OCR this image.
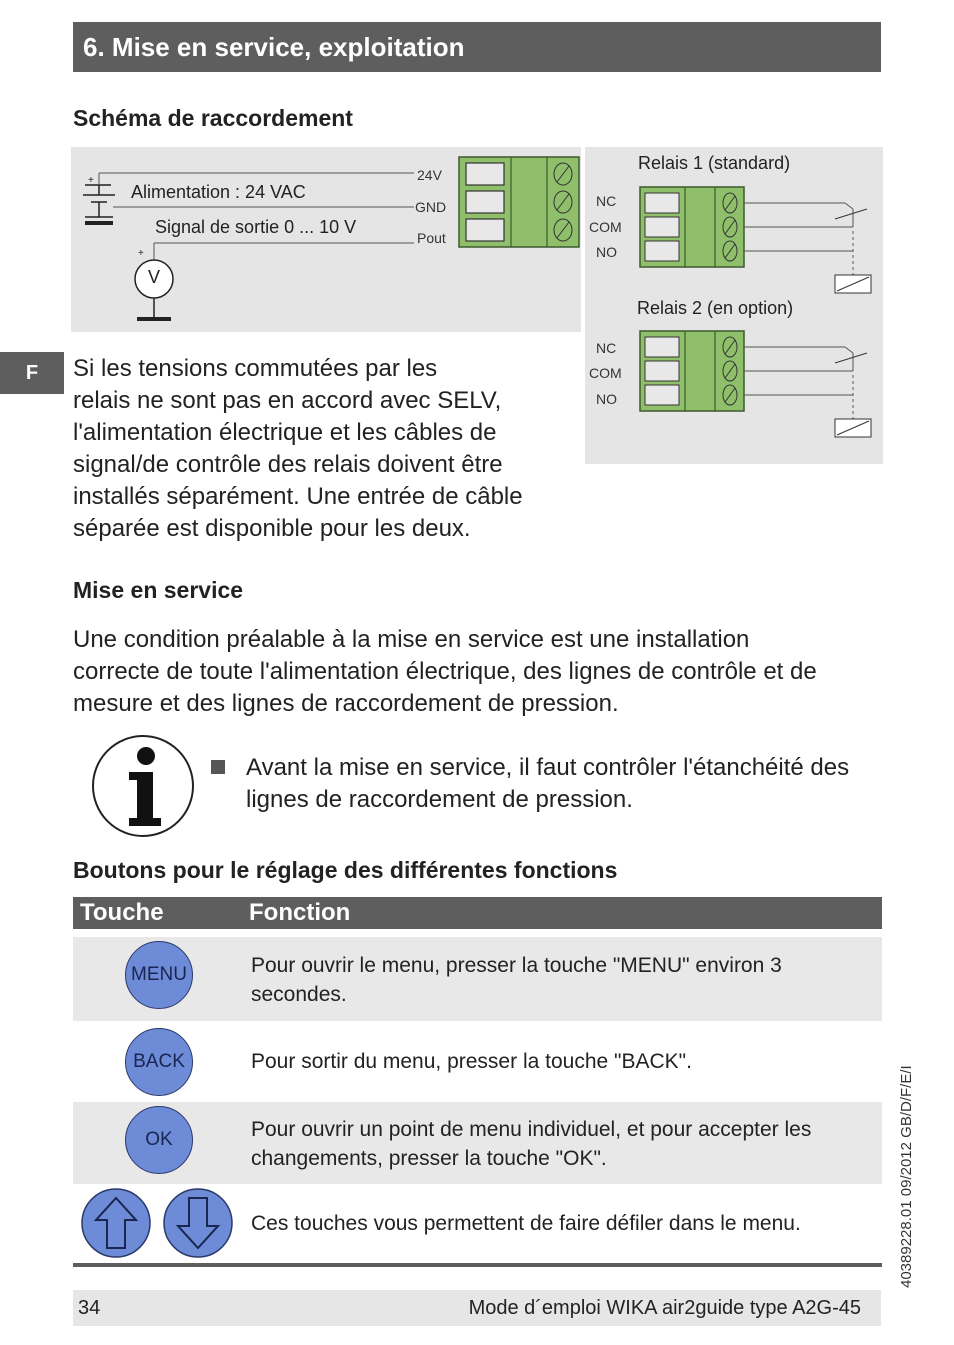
6. Mise en service, exploitation
F
Schéma de raccordement
+
+
Alimentation : 24 VAC
Signal de sortie 0 ... 10 V
V
24V
GND
Pout
Relais 1 (standard)
Relais 2 (en option)
NC
COM
NO
NC
COM
NO
Si les tensions commutées par les
relais ne sont pas en accord avec SELV,
l'alimentation électrique et les câbles de
signal/de contrôle des relais doivent être
installés séparément. Une entrée de câble
séparée est disponible pour les deux.
Mise en service
Une condition préalable à la mise en service est une installation
correcte de toute l'alimentation électrique, des lignes de contrôle et de
mesure et des lignes de raccordement de pression.
Avant la mise en service, il faut contrôler l'étanchéité des
lignes de raccordement de pression.
Boutons pour le réglage des différentes fonctions
Touche	Fonction
MENU	Pour ouvrir le menu, presser la touche "MENU" environ 3
secondes.
BACK	Pour sortir du menu, presser la touche "BACK".
OK	Pour ouvrir un point de menu individuel, et pour accepter les
changements, presser la touche "OK".
Ces touches vous permettent de faire défiler dans le menu.
34	Mode d´emploi WIKA air2guide type A2G-45
40389228.01 09/2012 GB/D/F/E/I
